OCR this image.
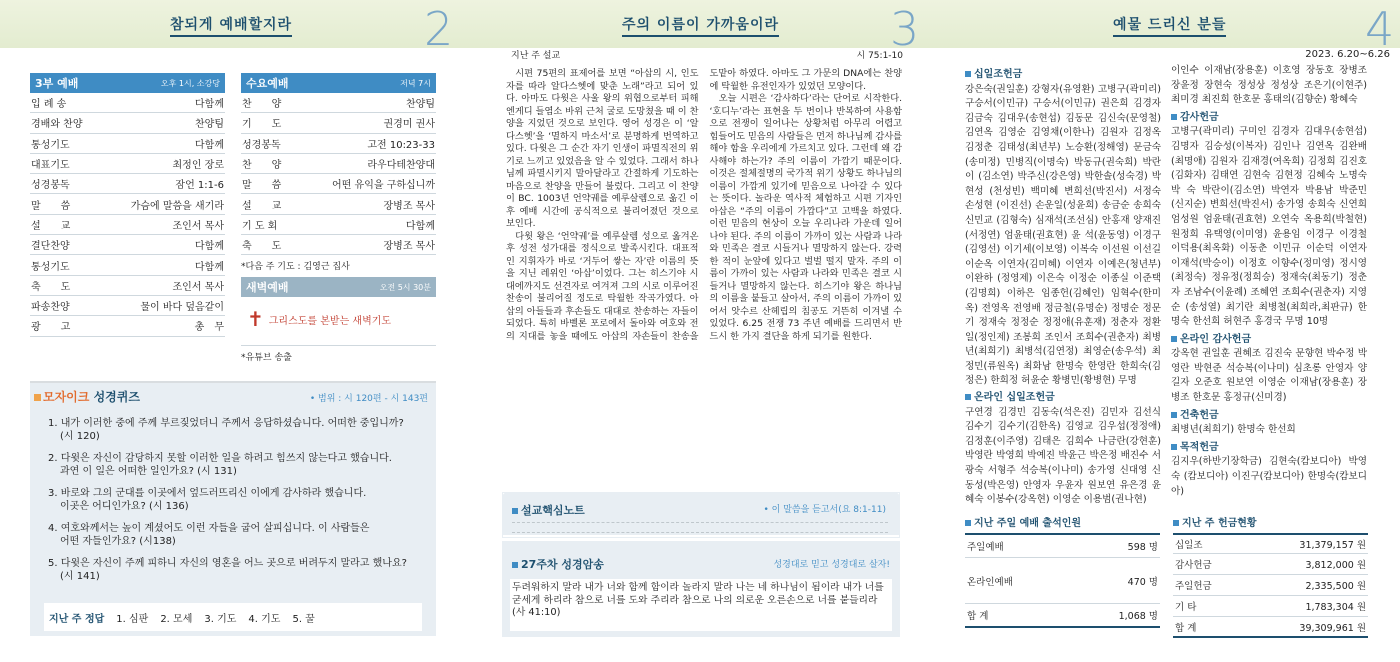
참되게 예배할지라	2
3부 예배	오후 1시, 소강당
입 례 송	다함께
경배와 찬양	찬양팀
통성기도	다함께
대표기도	최정인 장로
성경봉독	잠언 1:1-6
말　　씀	가슴에 말씀을 새기라
설　　교	조인서 목사
결단찬양	다함께
통성기도	다함께
축　　도	조인서 목사
파송찬양	물이 바다 덮음같이
광　　고	총　무
수요예배	저녁 7시
찬　　양	찬양팀
기　　도	권경미 권사
성경봉독	고전 10:23-33
찬　　양	라우다테찬양대
말　　씀	어떤 유익을 구하십니까
설　　교	장병조 목사
기 도 회	다함께
축　　도	장병조 목사
*다음 주 기도 : 김영근 집사
새벽예배	오전 5시 30분
✝ 그리스도를 본받는 새벽기도
*유튜브 송출
모자이크 성경퀴즈	• 범위 : 시 120편 - 시 143편
1. 내가 이러한 중에 주께 부르짖었더니 주께서 응답하셨습니다. 어떠한 중입니까?
(시 120)
2. 다윗은 자신이 감당하지 못할 이러한 일을 하려고 힘쓰지 않는다고 했습니다.
과연 이 일은 어떠한 일인가요? (시 131)
3. 바로와 그의 군대를 이곳에서 엎드러뜨리신 이에게 감사하라 했습니다.
이곳은 어디인가요? (시 136)
4. 여호와께서는 높이 계셨어도 이런 자들을 굽어 살피십니다. 이 사람들은
어떤 자들인가요? (시138)
5. 다윗은 자신이 주께 피하니 자신의 영혼을 어느 곳으로 버려두지 말라고 했나요?
(시 141)
지난 주 정답 1. 심판 2. 모세 3. 기도 4. 기도 5. 꿀
주의 이름이 가까움이라 3
지난 주 설교	시 75:1-10

시편 75편의 표제어를 보면 “아삽의 시, 인도자를 따라 알다스헷에 맞춘 노래”라고 되어 있다. 아마도 다윗은 사울 왕의 위협으로부터 피해 엔게디 들염소 바위 근처 굴로 도망쳤을 때 이 찬양을 지었던 것으로 보인다. 영어 성경은 이 ‘알다스헷’을 ‘멸하지 마소서’로 분명하게 번역하고 있다. 다윗은 그 순간 자기 인생이 파멸직전의 위기로 느끼고 있었음을 알 수 있었다. 그래서 하나님께 파멸시키지 말아달라고 간절하게 기도하는 마음으로 찬양을 만들어 불렀다. 그리고 이 찬양이 BC. 1003년 언약궤를 예루살렘으로 옮긴 이후 예배 시간에 공식적으로 불리어졌던 것으로 보인다.

다윗 왕은 ‘언약궤’를 예루살렘 성으로 옮겨온 후 성전 성가대를 정식으로 발족시킨다. 대표적인 지휘자가 바로 ‘거두어 쌓는 자’란 이름의 뜻을 지닌 레위인 ‘아삽’이었다. 그는 히스기야 시대에까지도 선견자로 여겨져 그의 시로 이루어진 찬송이 불리어질 정도로 탁월한 작곡가였다. 아삽의 아들들과 후손들도 대대로 찬송하는 자들이 되었다. 특히 바벨론 포로에서 돌아와 여호와 전의 지대를 놓을 때에도 아삽의 자손들이 찬송을 도맡아 하였다. 아마도 그 가문의 DNA에는 찬양에 탁월한 유전인자가 있었던 모양이다.

오늘 시편은 ‘감사하다’라는 단어로 시작한다. ‘호디누’라는 표현을 두 번이나 반복하여 사용함으로 전쟁이 일어나는 상황처럼 아무리 어렵고 힘들어도 믿음의 사람들은 먼저 하나님께 감사를 해야 함을 우리에게 가르치고 있다. 그런데 왜 감사해야 하는가? 주의 이름이 가깝기 때문이다. 이것은 절체절명의 국가적 위기 상황도 하나님의 이름이 가깝게 있기에 믿음으로 나아갈 수 있다는 뜻이다. 놀라운 역사적 체험하고 시편 기자인 아삽은 “주의 이름이 가깝다”고 고백을 하였다. 이런 믿음의 현상이 오늘 우리나라 가운데 일어나야 된다. 주의 이름이 가까이 있는 사람과 나라와 민족은 결코 시들거나 멸망하지 않는다. 강력한 적이 눈앞에 있다고 벌벌 떨지 말자. 주의 이름이 가까이 있는 사람과 나라와 민족은 결코 시들거나 멸망하지 않는다. 히스기야 왕은 하나님의 이름을 붙들고 살아서, 주의 이름이 가까이 있어서 앗수르 산헤립의 침공도 거뜬히 이겨낼 수 있었다. 6.25 전쟁 73 주년 예배를 드리면서 반드시 한 가지 결단을 하게 되기를 원한다.

설교핵심노트	• 이 말씀을 듣고서(요 8:1-11)
27주차 성경암송	성경대로 믿고 성경대로 살자!
두려워하지 말라 내가 너와 함께 함이라 놀라지 말라 나는 네 하나님이 됨이라 내가 너를 굳세게 하리라 참으로 너를 도와 주리라 참으로 나의 의로운 오른손으로 너를 붙들리라 (사 41:10)
예물 드리신 분들	4
2023. 6.20~6.26
십일조헌금
강은숙(권일훈) 강형자(유영환) 고병구(곽미리) 구승서(이민규) 구승서(이민규) 권은희 김경자 김금숙 김대우(송현섭) 김동문 김신숙(문영철) 김연옥 김영순 김영채(이한나) 김원자 김정옥 김정춘 김태성(최년부) 노승환(정해영) 문금숙 (송미정) 민병직(이명숙) 박동규(권숙희) 박란이 (김소연) 박주신(강은영) 박한솔(성숙경) 박현성 (천성빈) 백미혜 변희선(박진서) 서정숙 손성현 (이진선) 손운일(성윤희) 송금순 송희숙 신민교 (김형숙) 심재석(조선심) 안홍재 양재진(서정연) 엄윤태(권효현) 윤 석(윤동영) 이경구(김영선) 이기세(이보영) 이복숙 이선원 이선길 이순옥 이연자(김미혜) 이연자 이예은(청년부) 이완하 (정영제) 이은숙 이정순 이종실 이준택(김명희) 이하은 임종헌(김혜인) 임혁수(한미옥) 전영옥 전영배 정금철(유명순) 정명순 정문기 정재숙 정정순 정정애(유훈재) 정춘자 정환일(정인제) 조봉희 조인서 조희수(권춘자) 최병년(최희기) 최병석(김연정) 최영순(송우석) 최정민(류원옥) 최화남 한명숙 한영란 한희숙(김정은) 한희정 허윤순 황병민(황병현) 무명
온라인 십일조헌금
구연경 김경민 김동숙(석은진) 김민자 김선식 김수기 김수기(김한옥) 김영교 김우섭(정정애) 김정훈(이주영) 김태은 김희수 나금란(강현훈) 박영란 박영희 박예진 박윤근 박은정 배진수 서광숙 서형주 석승복(이나미) 송가영 신대영 신동성(박은영) 안영자 우윤자 원보연 유은경 윤혜숙 이봉수(강옥현) 이영순 이용범(권나현)
이인수 이재남(장용훈) 이호영 장동호 장병조 장윤정 장현숙 정성상 정성상 조은기(이현주) 최미경 최진희 한호문 홍태의(김향순) 황혜숙
감사헌금
고병구(곽미리) 구미인 김경자 김대우(송현섭) 김명자 김승성(이복자) 김인나 김연옥 김완배 (최명애) 김원자 김재경(여옥희) 김정희 김진호 (김화자) 김태연 김현숙 김현정 김혜숙 노명숙 박 숙 박란이(김소연) 박연자 박용남 박준민 (신지순) 변희선(박진서) 송가영 송희숙 신연희 엄성원 엄윤태(권효현) 오연숙 옥용희(박철현) 원정희 유택영(이미영) 윤용임 이경구 이경철 이덕용(최옥화) 이동춘 이민규 이순덕 이연자 이재석(박승이) 이정호 이향수(정미영) 정시영 (최정숙) 정유정(정희승) 정재숙(최동기) 정춘자 조남수(이윤례) 조혜연 조희수(권춘자) 지영순 (송성열) 최기란 최병철(최희라,최판규) 한명숙 한선희 허현주 홍경국 무명 10명
온라인 감사헌금
강옥현 권일훈 권혜조 김진숙 문향현 박수정 박영란 박현준 석승복(이나미) 심초롱 안영자 양길자 오준호 원보연 이영순 이재남(장용훈) 장병조 한호문 홍정규(신미경)
건축헌금
최병년(최희기) 한명숙 한선희
목적헌금
김지우(하반기장학금) 김현숙(캄보디아) 박영숙 (캄보디아) 이진구(캄보디아) 한명숙(캄보디아)
지난 주일 예배 출석인원
주일예배	598 명
온라인예배	470 명
합 계	1,068 명
지난 주 헌금현황
십일조	31,379,157 원
감사헌금	3,812,000 원
주일헌금	2,335,500 원
기 타	1,783,304 원
합 계	39,309,961 원
